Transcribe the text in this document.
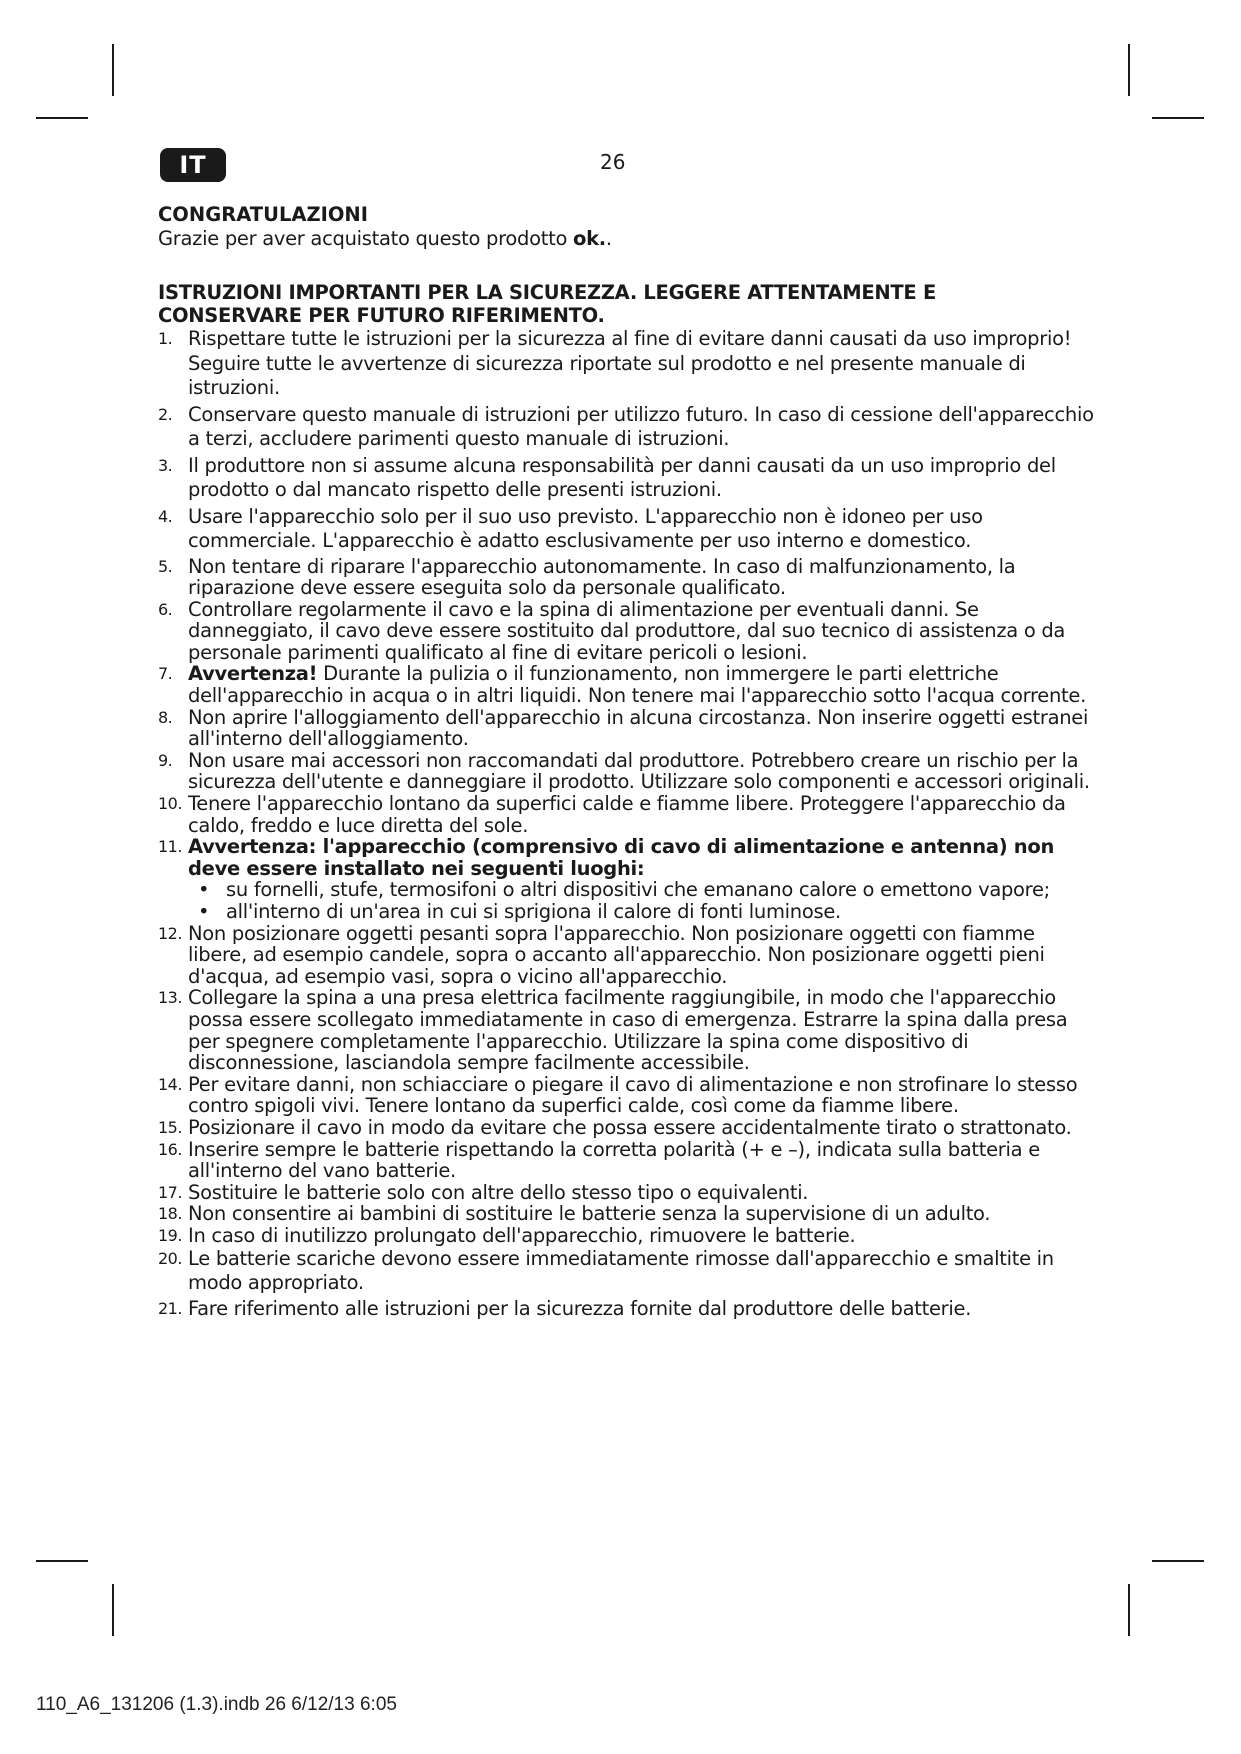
IT	26
CONGRATULAZIONI
Grazie per aver acquistato questo prodotto ok..
ISTRUZIONI IMPORTANTI PER LA SICUREZZA. LEGGERE ATTENTAMENTE E
CONSERVARE PER FUTURO RIFERIMENTO.
1. Rispettare tutte le istruzioni per la sicurezza al fine di evitare danni causati da uso improprio! Seguire tutte le avvertenze di sicurezza riportate sul prodotto e nel presente manuale di istruzioni.
2. Conservare questo manuale di istruzioni per utilizzo futuro. In caso di cessione dell'apparecchio a terzi, accludere parimenti questo manuale di istruzioni.
3. Il produttore non si assume alcuna responsabilità per danni causati da un uso improprio del prodotto o dal mancato rispetto delle presenti istruzioni.
4. Usare l'apparecchio solo per il suo uso previsto. L'apparecchio non è idoneo per uso commerciale. L'apparecchio è adatto esclusivamente per uso interno e domestico.
5. Non tentare di riparare l'apparecchio autonomamente. In caso di malfunzionamento, la riparazione deve essere eseguita solo da personale qualificato.
6. Controllare regolarmente il cavo e la spina di alimentazione per eventuali danni. Se danneggiato, il cavo deve essere sostituito dal produttore, dal suo tecnico di assistenza o da personale parimenti qualificato al fine di evitare pericoli o lesioni.
7. Avvertenza! Durante la pulizia o il funzionamento, non immergere le parti elettriche dell'apparecchio in acqua o in altri liquidi. Non tenere mai l'apparecchio sotto l'acqua corrente.
8. Non aprire l'alloggiamento dell'apparecchio in alcuna circostanza. Non inserire oggetti estranei all'interno dell'alloggiamento.
9. Non usare mai accessori non raccomandati dal produttore. Potrebbero creare un rischio per la sicurezza dell'utente e danneggiare il prodotto. Utilizzare solo componenti e accessori originali.
10. Tenere l'apparecchio lontano da superfici calde e fiamme libere. Proteggere l'apparecchio da caldo, freddo e luce diretta del sole.
11. Avvertenza: l'apparecchio (comprensivo di cavo di alimentazione e antenna) non deve essere installato nei seguenti luoghi:
• su fornelli, stufe, termosifoni o altri dispositivi che emanano calore o emettono vapore;
• all'interno di un'area in cui si sprigiona il calore di fonti luminose.
12. Non posizionare oggetti pesanti sopra l'apparecchio. Non posizionare oggetti con fiamme libere, ad esempio candele, sopra o accanto all'apparecchio. Non posizionare oggetti pieni d'acqua, ad esempio vasi, sopra o vicino all'apparecchio.
13. Collegare la spina a una presa elettrica facilmente raggiungibile, in modo che l'apparecchio possa essere scollegato immediatamente in caso di emergenza. Estrarre la spina dalla presa per spegnere completamente l'apparecchio. Utilizzare la spina come dispositivo di disconnessione, lasciandola sempre facilmente accessibile.
14. Per evitare danni, non schiacciare o piegare il cavo di alimentazione e non strofinare lo stesso contro spigoli vivi. Tenere lontano da superfici calde, così come da fiamme libere.
15. Posizionare il cavo in modo da evitare che possa essere accidentalmente tirato o strattonato.
16. Inserire sempre le batterie rispettando la corretta polarità (+ e –), indicata sulla batteria e all'interno del vano batterie.
17. Sostituire le batterie solo con altre dello stesso tipo o equivalenti.
18. Non consentire ai bambini di sostituire le batterie senza la supervisione di un adulto.
19. In caso di inutilizzo prolungato dell'apparecchio, rimuovere le batterie.
20. Le batterie scariche devono essere immediatamente rimosse dall'apparecchio e smaltite in modo appropriato.
21. Fare riferimento alle istruzioni per la sicurezza fornite dal produttore delle batterie.
110_A6_131206 (1.3).indb 26 6/12/13 6:05
